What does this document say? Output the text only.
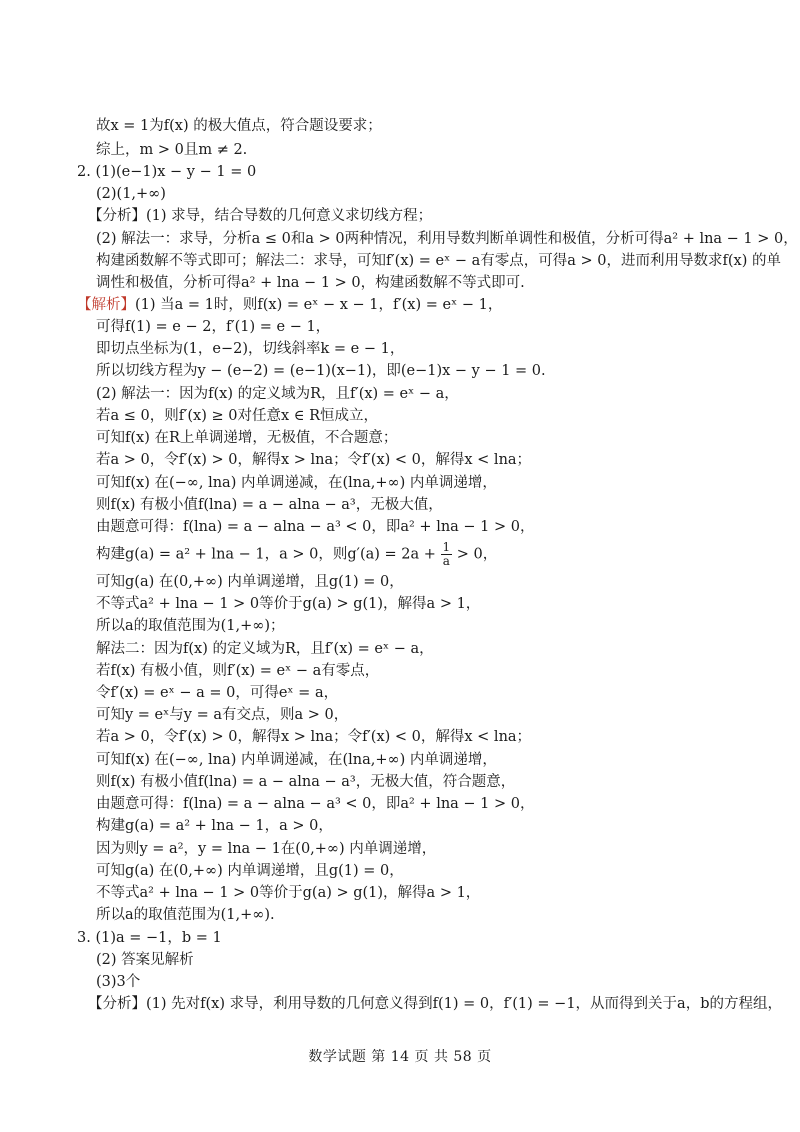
故x = 1为f(x) 的极大值点，符合题设要求；
综上，m > 0且m ≠ 2.
2. (1)(e−1)x − y − 1 = 0
(2)(1,+∞)
【分析】(1) 求导，结合导数的几何意义求切线方程；
(2) 解法一：求导，分析a ≤ 0和a > 0两种情况，利用导数判断单调性和极值，分析可得a² + lna − 1 > 0，
构建函数解不等式即可；解法二：求导，可知f′(x) = eˣ − a有零点，可得a > 0，进而利用导数求f(x) 的单
调性和极值，分析可得a² + lna − 1 > 0，构建函数解不等式即可.
【解析】(1) 当a = 1时，则f(x) = eˣ − x − 1，f′(x) = eˣ − 1，
可得f(1) = e − 2，f′(1) = e − 1，
即切点坐标为(1，e−2)，切线斜率k = e − 1，
所以切线方程为y − (e−2) = (e−1)(x−1)，即(e−1)x − y − 1 = 0.
(2) 解法一：因为f(x) 的定义域为R，且f′(x) = eˣ − a，
若a ≤ 0，则f′(x) ≥ 0对任意x ∈ R恒成立，
可知f(x) 在R上单调递增，无极值，不合题意；
若a > 0，令f′(x) > 0，解得x > lna；令f′(x) < 0，解得x < lna；
可知f(x) 在(−∞, lna) 内单调递减，在(lna,+∞) 内单调递增，
则f(x) 有极小值f(lna) = a − alna − a³，无极大值，
由题意可得：f(lna) = a − alna − a³ < 0，即a² + lna − 1 > 0，
构建g(a) = a² + lna − 1，a > 0，则$g'(a) = 2a + \frac{1}{a} > 0$，
可知g(a) 在(0,+∞) 内单调递增，且g(1) = 0，
不等式a² + lna − 1 > 0等价于g(a) > g(1)，解得a > 1，
所以a的取值范围为(1,+∞)；
解法二：因为f(x) 的定义域为R，且f′(x) = eˣ − a，
若f(x) 有极小值，则f′(x) = eˣ − a有零点，
令f′(x) = eˣ − a = 0，可得eˣ = a，
可知y = eˣ与y = a有交点，则a > 0，
若a > 0，令f′(x) > 0，解得x > lna；令f′(x) < 0，解得x < lna；
可知f(x) 在(−∞, lna) 内单调递减，在(lna,+∞) 内单调递增，
则f(x) 有极小值f(lna) = a − alna − a³，无极大值，符合题意，
由题意可得：f(lna) = a − alna − a³ < 0，即a² + lna − 1 > 0，
构建g(a) = a² + lna − 1，a > 0，
因为则y = a²，y = lna − 1在(0,+∞) 内单调递增，
可知g(a) 在(0,+∞) 内单调递增，且g(1) = 0，
不等式a² + lna − 1 > 0等价于g(a) > g(1)，解得a > 1，
所以a的取值范围为(1,+∞).
3. (1)a = −1，b = 1
(2) 答案见解析
(3)3个
【分析】(1) 先对f(x) 求导，利用导数的几何意义得到f(1) = 0，f′(1) = −1，从而得到关于a，b的方程组，
数学试题 第 14 页 共 58 页
